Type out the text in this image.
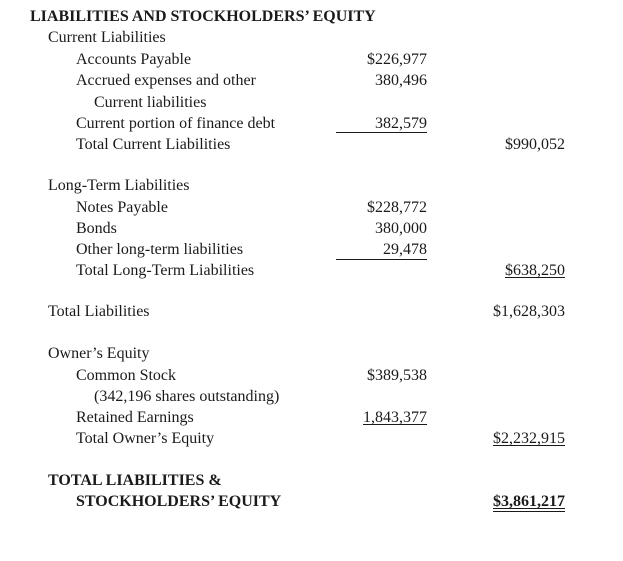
LIABILITIES AND STOCKHOLDERS’ EQUITY
Current Liabilities
Accounts Payable	$226,977
Accrued expenses and other	380,496
Current liabilities
Current portion of finance debt	382,579
Total Current Liabilities	$990,052
Long-Term Liabilities
Notes Payable	$228,772
Bonds	380,000
Other long-term liabilities	29,478
Total Long-Term Liabilities	$638,250
Total Liabilities	$1,628,303
Owner’s Equity
Common Stock	$389,538
(342,196 shares outstanding)
Retained Earnings	1,843,377
Total Owner’s Equity	$2,232,915
TOTAL LIABILITIES &
STOCKHOLDERS’ EQUITY	$3,861,217
